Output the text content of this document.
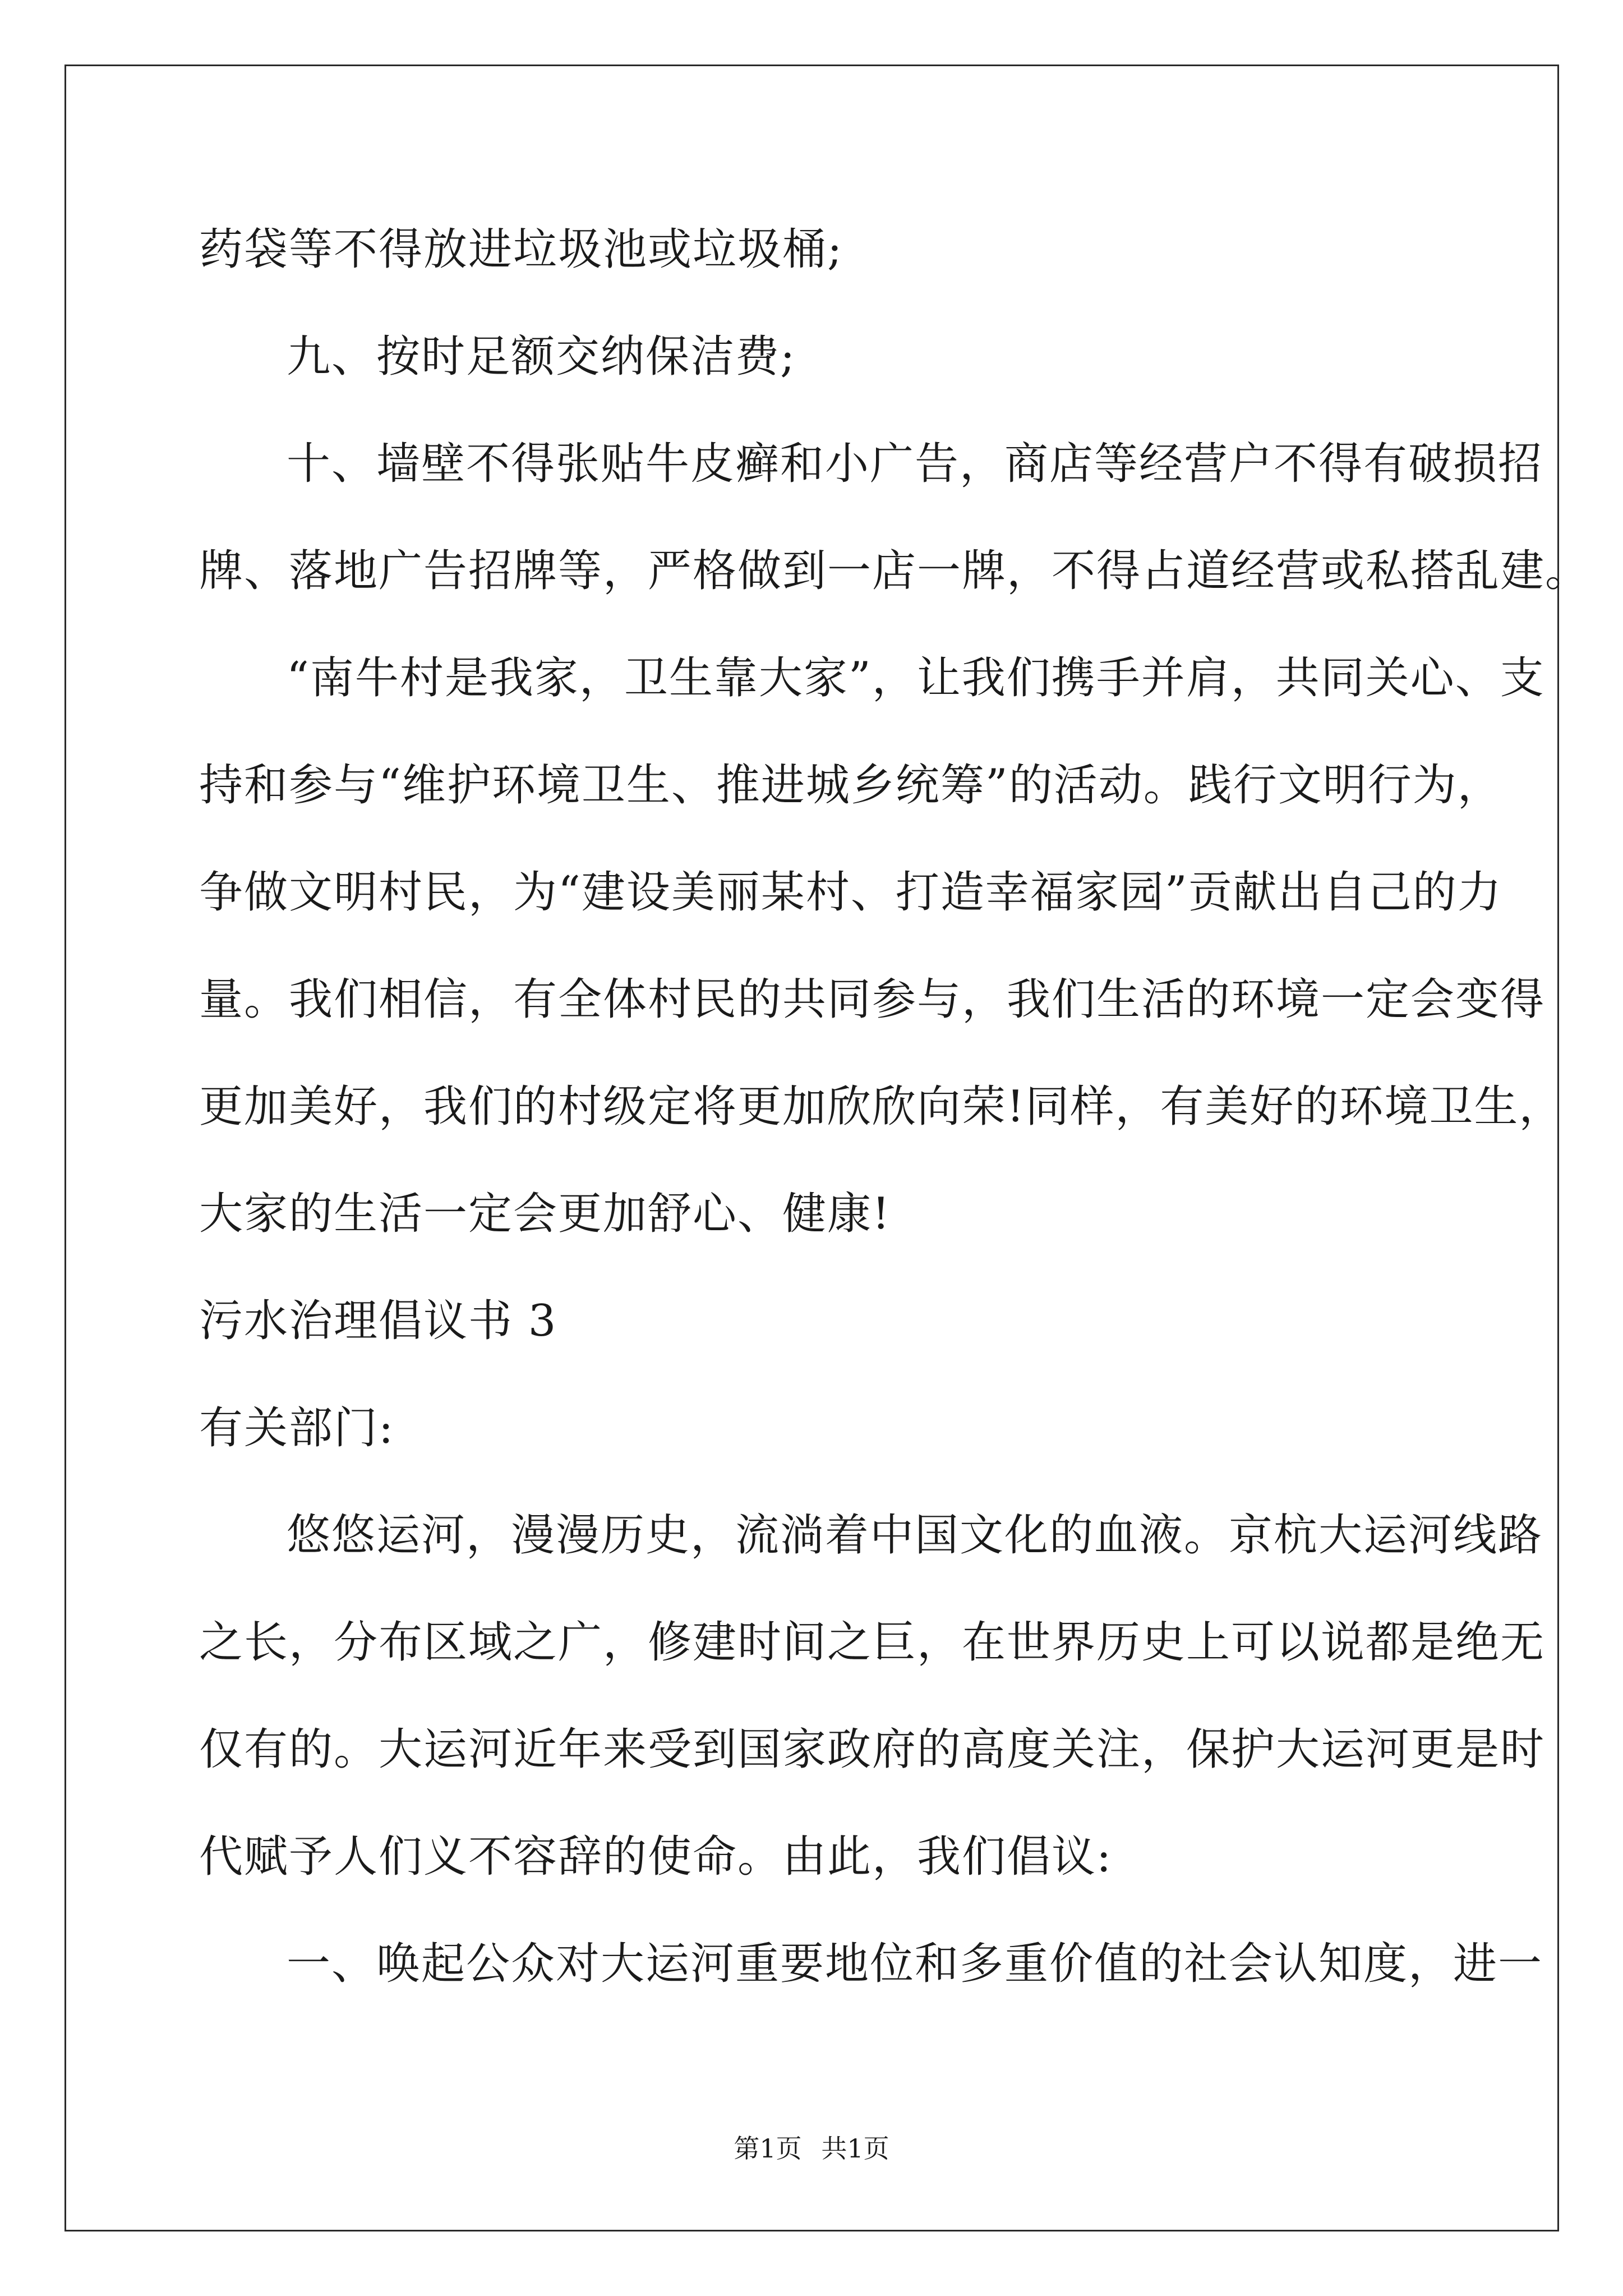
药袋等不得放进垃圾池或垃圾桶;
九、按时足额交纳保洁费;
十、墙壁不得张贴牛皮癣和小广告，商店等经营户不得有破损招
牌、落地广告招牌等，严格做到一店一牌，不得占道经营或私搭乱建。
“南牛村是我家，卫生靠大家”，让我们携手并肩，共同关心、支
持和参与“维护环境卫生、推进城乡统筹”的活动。践行文明行为，
争做文明村民，为“建设美丽某村、打造幸福家园”贡献出自己的力
量。我们相信，有全体村民的共同参与，我们生活的环境一定会变得
更加美好，我们的村级定将更加欣欣向荣!同样，有美好的环境卫生，
大家的生活一定会更加舒心、健康!
污水治理倡议书 3
有关部门:
悠悠运河，漫漫历史，流淌着中国文化的血液。京杭大运河线路
之长，分布区域之广，修建时间之巨，在世界历史上可以说都是绝无
仅有的。大运河近年来受到国家政府的高度关注，保护大运河更是时
代赋予人们义不容辞的使命。由此，我们倡议:
一、唤起公众对大运河重要地位和多重价值的社会认知度，进一
第1页 共1页
